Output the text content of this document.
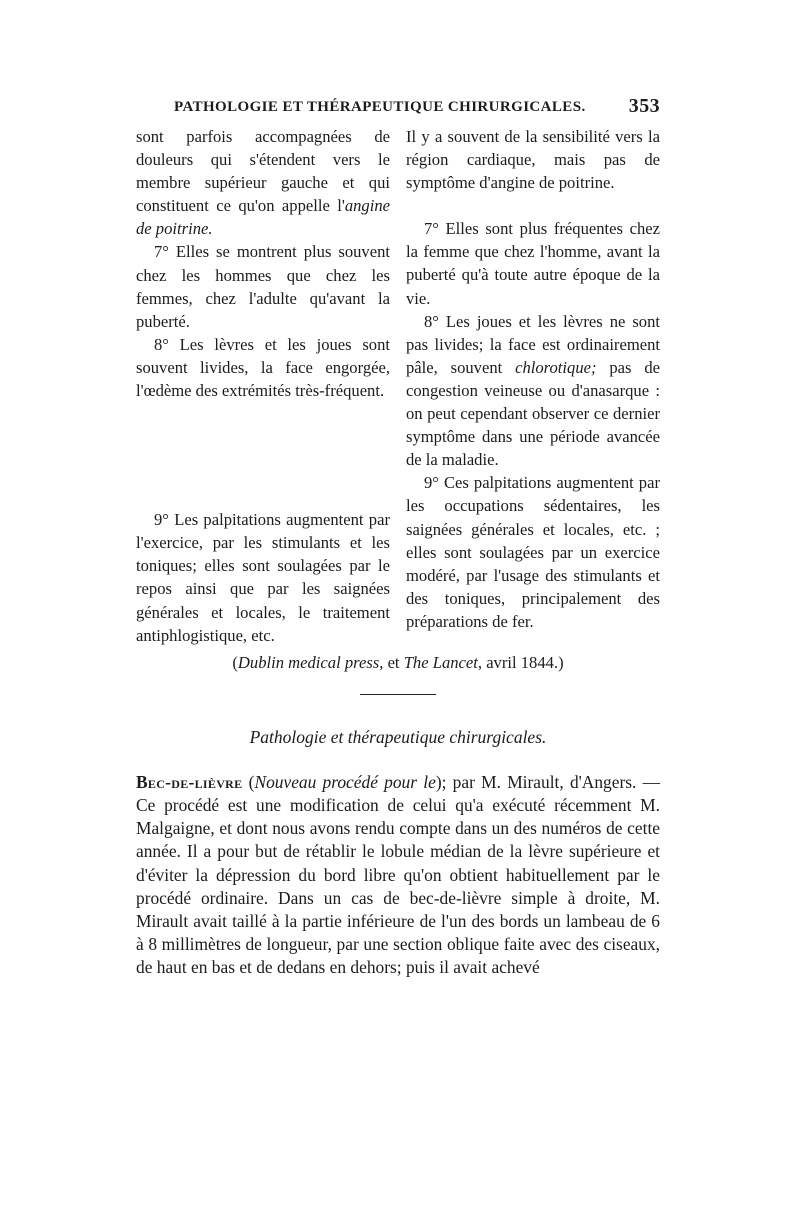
PATHOLOGIE ET THÉRAPEUTIQUE CHIRURGICALES. 353

sont parfois accompagnées de douleurs qui s'étendent vers le membre supérieur gauche et qui constituent ce qu'on appelle l'angine de poitrine.

7° Elles se montrent plus souvent chez les hommes que chez les femmes, chez l'adulte qu'avant la puberté.

8° Les lèvres et les joues sont souvent livides, la face engorgée, l'œdème des extrémités très-fréquent.

9° Les palpitations augmentent par l'exercice, par les stimulants et les toniques; elles sont soulagées par le repos ainsi que par les saignées générales et locales, le traitement antiphlogistique, etc.

Il y a souvent de la sensibilité vers la région cardiaque, mais pas de symptôme d'angine de poitrine.

7° Elles sont plus fréquentes chez la femme que chez l'homme, avant la puberté qu'à toute autre époque de la vie.

8° Les joues et les lèvres ne sont pas livides; la face est ordinairement pâle, souvent chlorotique; pas de congestion veineuse ou d'anasarque : on peut cependant observer ce dernier symptôme dans une période avancée de la maladie.

9° Ces palpitations augmentent par les occupations sédentaires, les saignées générales et locales, etc. ; elles sont soulagées par un exercice modéré, par l'usage des stimulants et des toniques, principalement des préparations de fer.

(Dublin medical press, et The Lancet, avril 1844.)

Pathologie et thérapeutique chirurgicales.

Bec-de-lièvre (Nouveau procédé pour le); par M. Mirault, d'Angers. — Ce procédé est une modification de celui qu'a exécuté récemment M. Malgaigne, et dont nous avons rendu compte dans un des numéros de cette année. Il a pour but de rétablir le lobule médian de la lèvre supérieure et d'éviter la dépression du bord libre qu'on obtient habituellement par le procédé ordinaire. Dans un cas de bec-de-lièvre simple à droite, M. Mirault avait taillé à la partie inférieure de l'un des bords un lambeau de 6 à 8 millimètres de longueur, par une section oblique faite avec des ciseaux, de haut en bas et de dedans en dehors; puis il avait achevé
